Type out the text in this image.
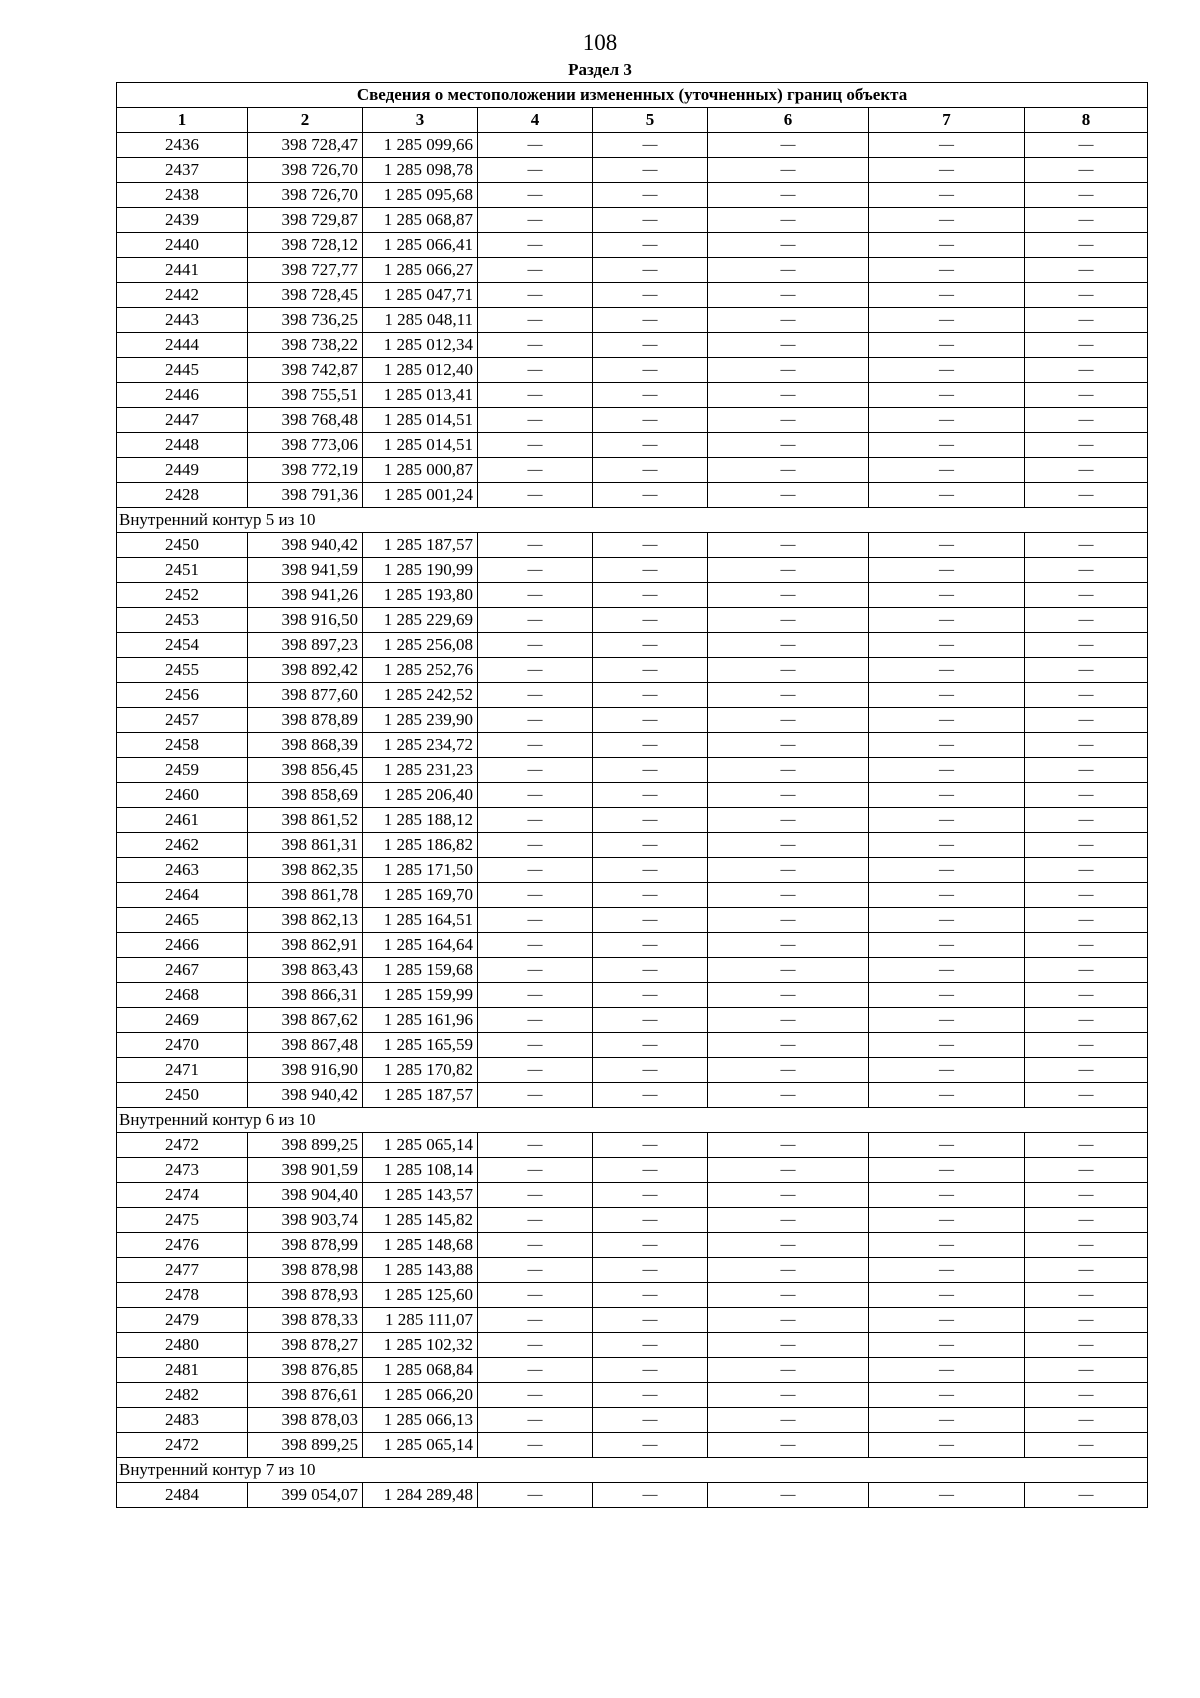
108
Раздел 3
Сведения о местоположении измененных (уточненных) границ объекта							
1	2	3	4	5	6	7	8
2436	398 728,47	1 285 099,66	—	—	—	—	—
2437	398 726,70	1 285 098,78	—	—	—	—	—
2438	398 726,70	1 285 095,68	—	—	—	—	—
2439	398 729,87	1 285 068,87	—	—	—	—	—
2440	398 728,12	1 285 066,41	—	—	—	—	—
2441	398 727,77	1 285 066,27	—	—	—	—	—
2442	398 728,45	1 285 047,71	—	—	—	—	—
2443	398 736,25	1 285 048,11	—	—	—	—	—
2444	398 738,22	1 285 012,34	—	—	—	—	—
2445	398 742,87	1 285 012,40	—	—	—	—	—
2446	398 755,51	1 285 013,41	—	—	—	—	—
2447	398 768,48	1 285 014,51	—	—	—	—	—
2448	398 773,06	1 285 014,51	—	—	—	—	—
2449	398 772,19	1 285 000,87	—	—	—	—	—
2428	398 791,36	1 285 001,24	—	—	—	—	—
Внутренний контур 5 из 10							
2450	398 940,42	1 285 187,57	—	—	—	—	—
2451	398 941,59	1 285 190,99	—	—	—	—	—
2452	398 941,26	1 285 193,80	—	—	—	—	—
2453	398 916,50	1 285 229,69	—	—	—	—	—
2454	398 897,23	1 285 256,08	—	—	—	—	—
2455	398 892,42	1 285 252,76	—	—	—	—	—
2456	398 877,60	1 285 242,52	—	—	—	—	—
2457	398 878,89	1 285 239,90	—	—	—	—	—
2458	398 868,39	1 285 234,72	—	—	—	—	—
2459	398 856,45	1 285 231,23	—	—	—	—	—
2460	398 858,69	1 285 206,40	—	—	—	—	—
2461	398 861,52	1 285 188,12	—	—	—	—	—
2462	398 861,31	1 285 186,82	—	—	—	—	—
2463	398 862,35	1 285 171,50	—	—	—	—	—
2464	398 861,78	1 285 169,70	—	—	—	—	—
2465	398 862,13	1 285 164,51	—	—	—	—	—
2466	398 862,91	1 285 164,64	—	—	—	—	—
2467	398 863,43	1 285 159,68	—	—	—	—	—
2468	398 866,31	1 285 159,99	—	—	—	—	—
2469	398 867,62	1 285 161,96	—	—	—	—	—
2470	398 867,48	1 285 165,59	—	—	—	—	—
2471	398 916,90	1 285 170,82	—	—	—	—	—
2450	398 940,42	1 285 187,57	—	—	—	—	—
Внутренний контур 6 из 10							
2472	398 899,25	1 285 065,14	—	—	—	—	—
2473	398 901,59	1 285 108,14	—	—	—	—	—
2474	398 904,40	1 285 143,57	—	—	—	—	—
2475	398 903,74	1 285 145,82	—	—	—	—	—
2476	398 878,99	1 285 148,68	—	—	—	—	—
2477	398 878,98	1 285 143,88	—	—	—	—	—
2478	398 878,93	1 285 125,60	—	—	—	—	—
2479	398 878,33	1 285 111,07	—	—	—	—	—
2480	398 878,27	1 285 102,32	—	—	—	—	—
2481	398 876,85	1 285 068,84	—	—	—	—	—
2482	398 876,61	1 285 066,20	—	—	—	—	—
2483	398 878,03	1 285 066,13	—	—	—	—	—
2472	398 899,25	1 285 065,14	—	—	—	—	—
Внутренний контур 7 из 10							
2484	399 054,07	1 284 289,48	—	—	—	—	—
